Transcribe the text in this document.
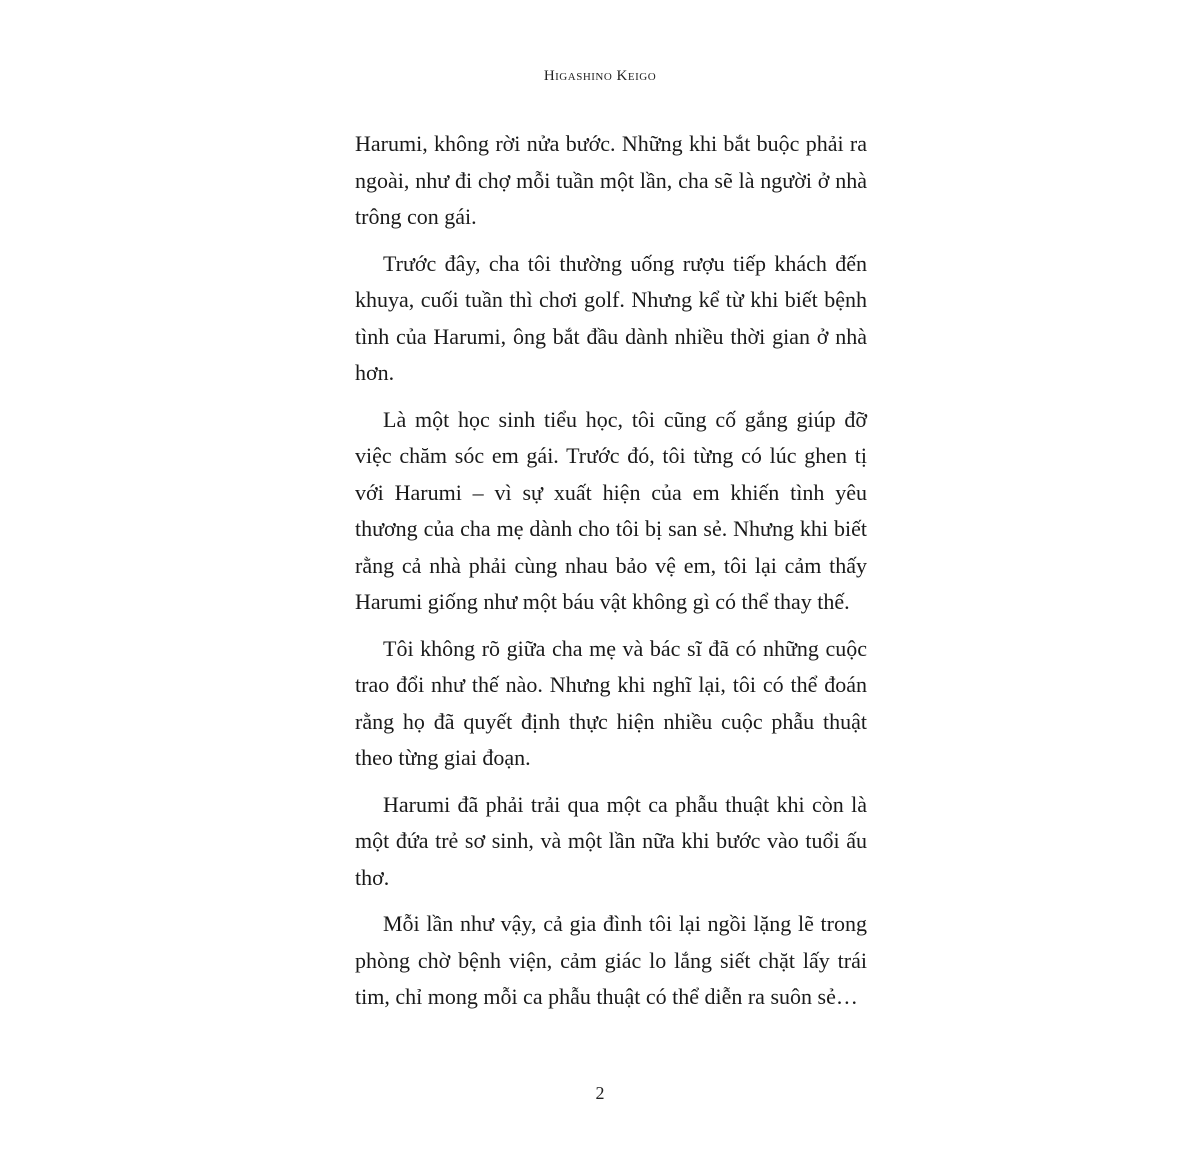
Higashino Keigo

Harumi, không rời nửa bước. Những khi bắt buộc phải ra ngoài, như đi chợ mỗi tuần một lần, cha sẽ là người ở nhà trông con gái.

Trước đây, cha tôi thường uống rượu tiếp khách đến khuya, cuối tuần thì chơi golf. Nhưng kể từ khi biết bệnh tình của Harumi, ông bắt đầu dành nhiều thời gian ở nhà hơn.

Là một học sinh tiểu học, tôi cũng cố gắng giúp đỡ việc chăm sóc em gái. Trước đó, tôi từng có lúc ghen tị với Harumi – vì sự xuất hiện của em khiến tình yêu thương của cha mẹ dành cho tôi bị san sẻ. Nhưng khi biết rằng cả nhà phải cùng nhau bảo vệ em, tôi lại cảm thấy Harumi giống như một báu vật không gì có thể thay thế.

Tôi không rõ giữa cha mẹ và bác sĩ đã có những cuộc trao đổi như thế nào. Nhưng khi nghĩ lại, tôi có thể đoán rằng họ đã quyết định thực hiện nhiều cuộc phẫu thuật theo từng giai đoạn.

Harumi đã phải trải qua một ca phẫu thuật khi còn là một đứa trẻ sơ sinh, và một lần nữa khi bước vào tuổi ấu thơ.

Mỗi lần như vậy, cả gia đình tôi lại ngồi lặng lẽ trong phòng chờ bệnh viện, cảm giác lo lắng siết chặt lấy trái tim, chỉ mong mỗi ca phẫu thuật có thể diễn ra suôn sẻ…

2
